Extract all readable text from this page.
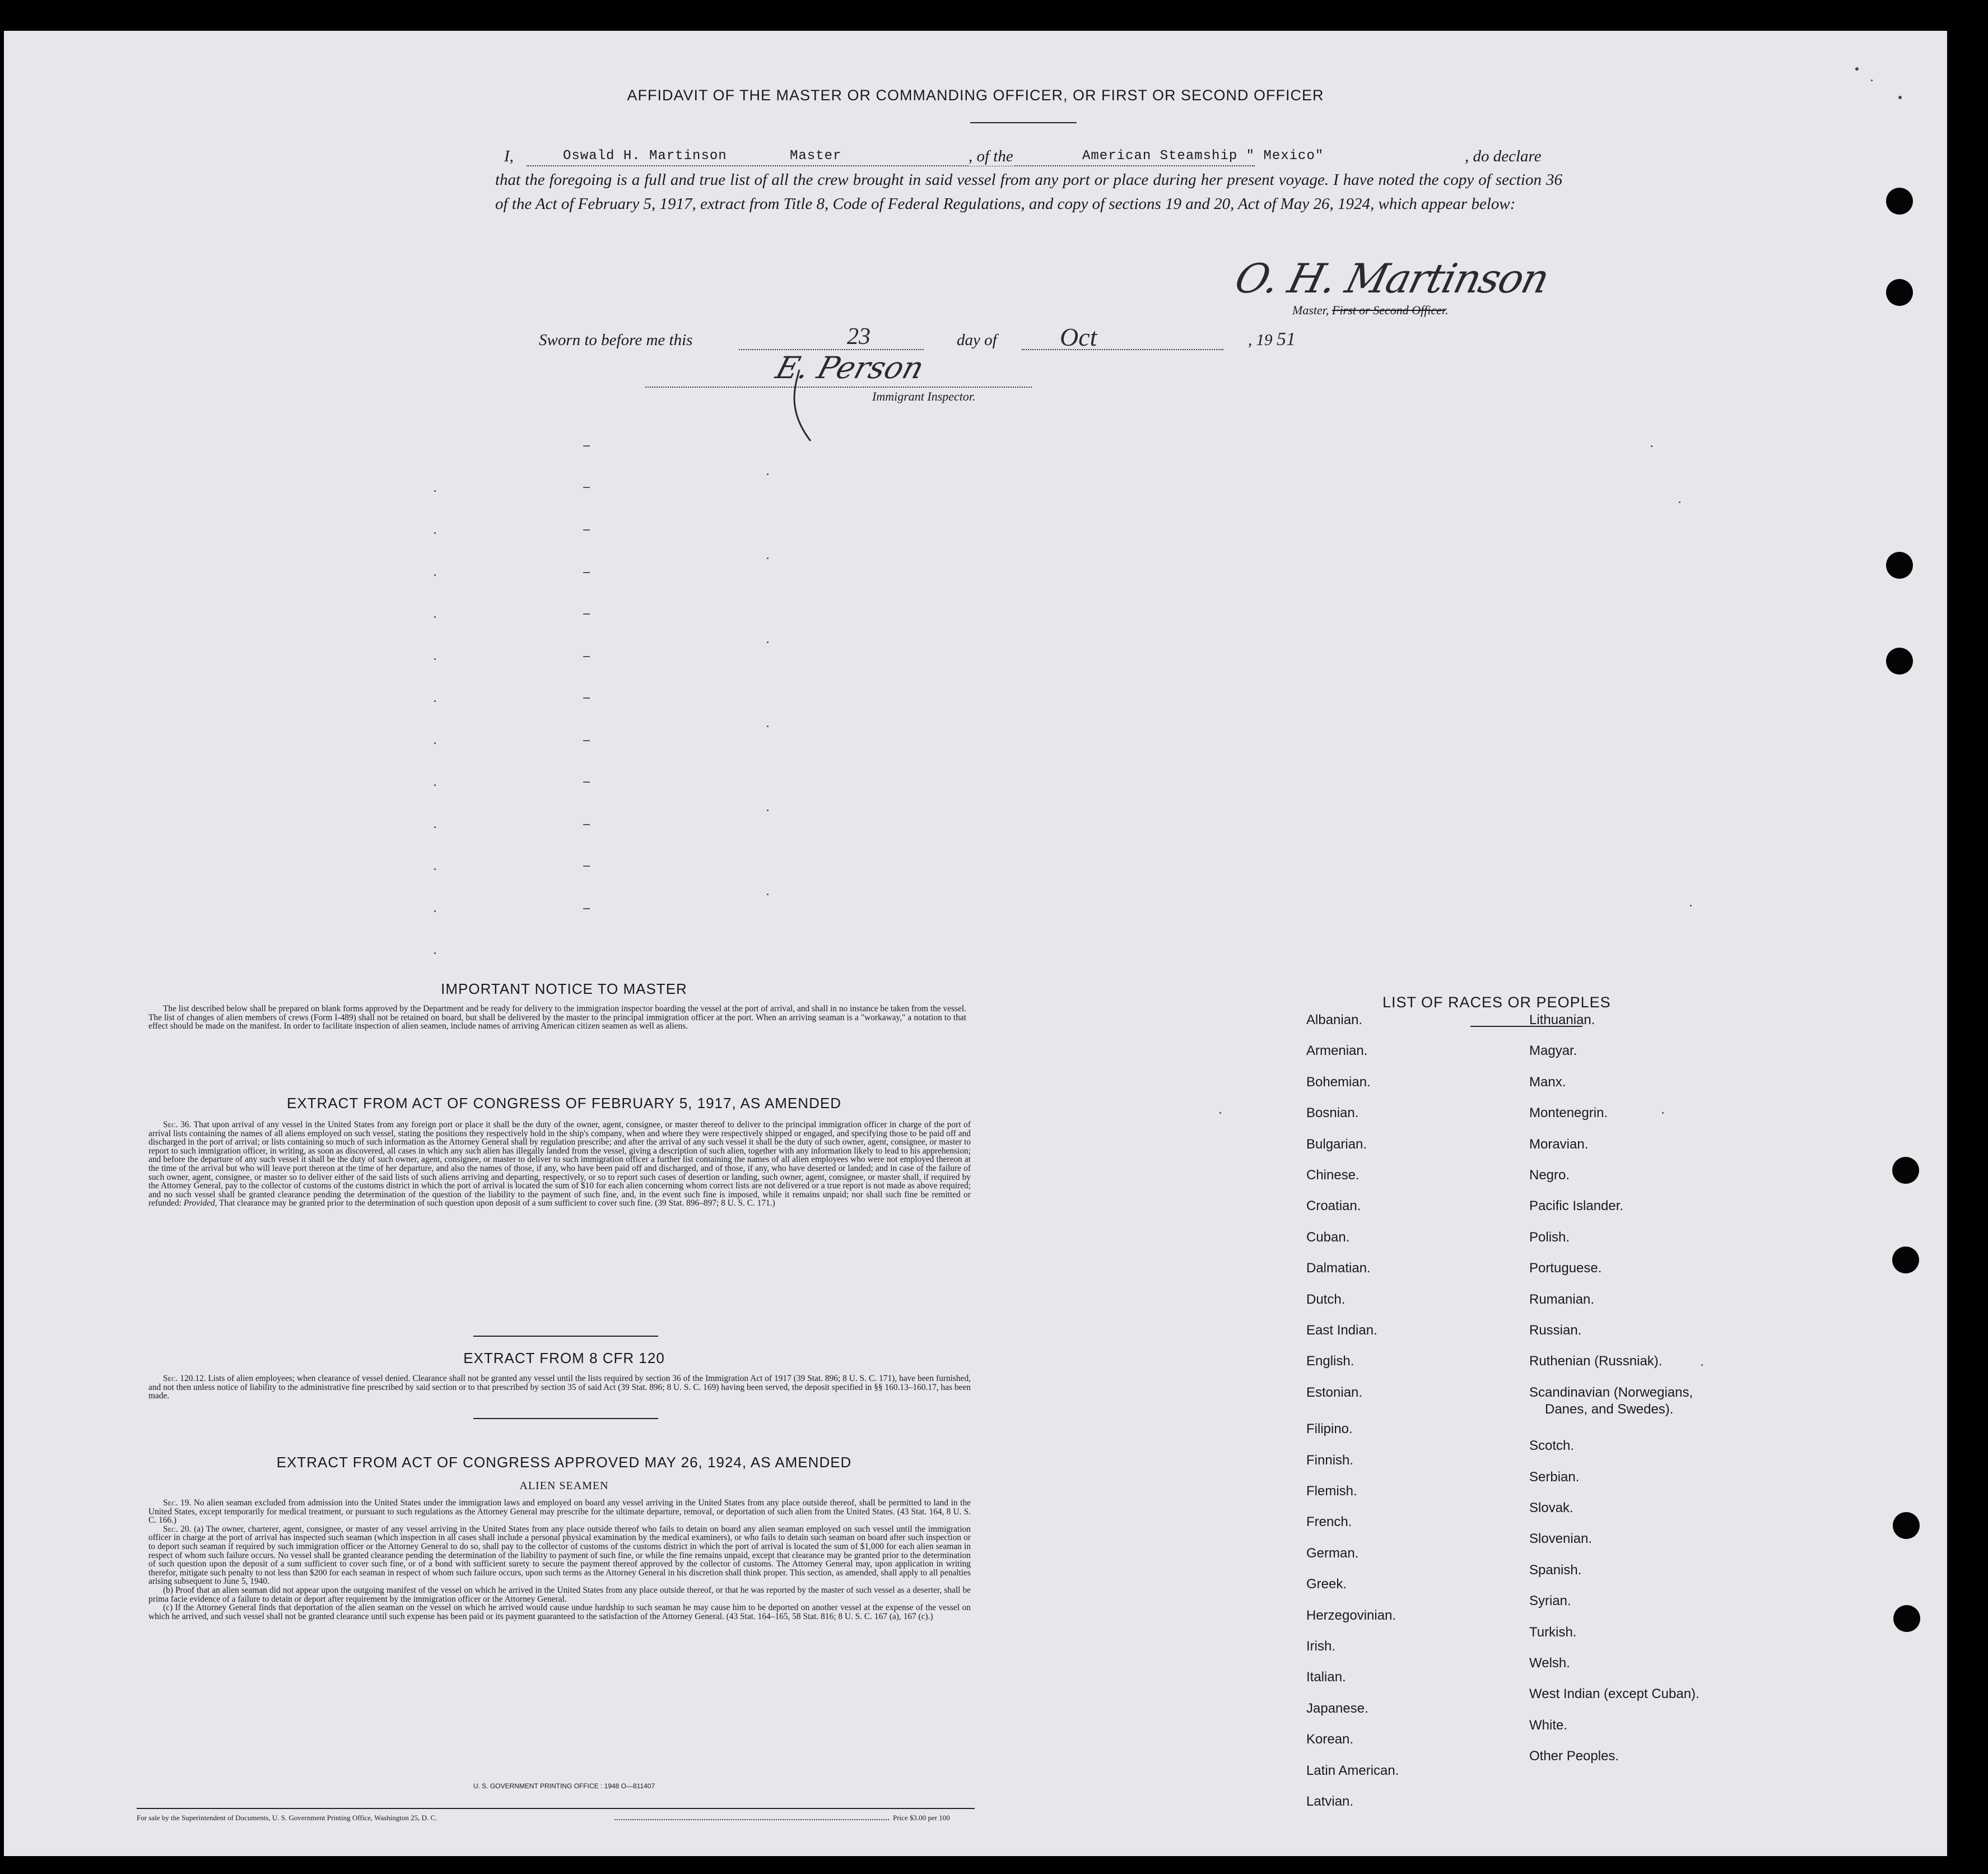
AFFIDAVIT OF THE MASTER OR COMMANDING OFFICER, OR FIRST OR SECOND OFFICER
I,	Oswald H. Martinson	Master	, of the	American Steamship " Mexico"	, do declare
that the foregoing is a full and true list of all the crew brought in said vessel from any port or place during her present voyage. I have noted the copy of section 36 of the Act of February 5, 1917, extract from Title 8, Code of Federal Regulations, and copy of sections 19 and 20, Act of May 26, 1924, which appear below:
O. H. Martinson
Master, First or Second Officer.
Sworn to before me this	23	day of Oct	, 19 51
E. Person
Immigrant Inspector.
IMPORTANT NOTICE TO MASTER

The list described below shall be prepared on blank forms approved by the Department and be ready for delivery to the immigration inspector boarding the vessel at the port of arrival, and shall in no instance be taken from the vessel. The list of changes of alien members of crews (Form I-489) shall not be retained on board, but shall be delivered by the master to the principal immigration officer at the port. When an arriving seaman is a "workaway," a notation to that effect should be made on the manifest. In order to facilitate inspection of alien seamen, include names of arriving American citizen seamen as well as aliens.

EXTRACT FROM ACT OF CONGRESS OF FEBRUARY 5, 1917, AS AMENDED

Sec. 36. That upon arrival of any vessel in the United States from any foreign port or place it shall be the duty of the owner, agent, consignee, or master thereof to deliver to the principal immigration officer in charge of the port of arrival lists containing the names of all aliens employed on such vessel, stating the positions they respectively hold in the ship's company, when and where they were respectively shipped or engaged, and specifying those to be paid off and discharged in the port of arrival; or lists containing so much of such information as the Attorney General shall by regulation prescribe; and after the arrival of any such vessel it shall be the duty of such owner, agent, consignee, or master to report to such immigration officer, in writing, as soon as discovered, all cases in which any such alien has illegally landed from the vessel, giving a description of such alien, together with any information likely to lead to his apprehension; and before the departure of any such vessel it shall be the duty of such owner, agent, consignee, or master to deliver to such immigration officer a further list containing the names of all alien employees who were not employed thereon at the time of the arrival but who will leave port thereon at the time of her departure, and also the names of those, if any, who have been paid off and discharged, and of those, if any, who have deserted or landed; and in case of the failure of such owner, agent, consignee, or master so to deliver either of the said lists of such aliens arriving and departing, respectively, or so to report such cases of desertion or landing, such owner, agent, consignee, or master shall, if required by the Attorney General, pay to the collector of customs of the customs district in which the port of arrival is located the sum of $10 for each alien concerning whom correct lists are not delivered or a true report is not made as above required; and no such vessel shall be granted clearance pending the determination of the question of the liability to the payment of such fine, and, in the event such fine is imposed, while it remains unpaid; nor shall such fine be remitted or refunded: Provided, That clearance may be granted prior to the determination of such question upon deposit of a sum sufficient to cover such fine. (39 Stat. 896–897; 8 U. S. C. 171.)

EXTRACT FROM 8 CFR 120

Sec. 120.12. Lists of alien employees; when clearance of vessel denied. Clearance shall not be granted any vessel until the lists required by section 36 of the Immigration Act of 1917 (39 Stat. 896; 8 U. S. C. 171), have been furnished, and not then unless notice of liability to the administrative fine prescribed by said section or to that prescribed by section 35 of said Act (39 Stat. 896; 8 U. S. C. 169) having been served, the deposit specified in §§ 160.13–160.17, has been made.

EXTRACT FROM ACT OF CONGRESS APPROVED MAY 26, 1924, AS AMENDED
ALIEN SEAMEN

Sec. 19. No alien seaman excluded from admission into the United States under the immigration laws and employed on board any vessel arriving in the United States from any place outside thereof, shall be permitted to land in the United States, except temporarily for medical treatment, or pursuant to such regulations as the Attorney General may prescribe for the ultimate departure, removal, or deportation of such alien from the United States. (43 Stat. 164, 8 U. S. C. 166.)

Sec. 20. (a) The owner, charterer, agent, consignee, or master of any vessel arriving in the United States from any place outside thereof who fails to detain on board any alien seaman employed on such vessel until the immigration officer in charge at the port of arrival has inspected such seaman (which inspection in all cases shall include a personal physical examination by the medical examiners), or who fails to detain such seaman on board after such inspection or to deport such seaman if required by such immigration officer or the Attorney General to do so, shall pay to the collector of customs of the customs district in which the port of arrival is located the sum of $1,000 for each alien seaman in respect of whom such failure occurs. No vessel shall be granted clearance pending the determination of the liability to payment of such fine, or while the fine remains unpaid, except that clearance may be granted prior to the determination of such question upon the deposit of a sum sufficient to cover such fine, or of a bond with sufficient surety to secure the payment thereof approved by the collector of customs. The Attorney General may, upon application in writing therefor, mitigate such penalty to not less than $200 for each seaman in respect of whom such failure occurs, upon such terms as the Attorney General in his discretion shall think proper. This section, as amended, shall apply to all penalties arising subsequent to June 5, 1940.

(b) Proof that an alien seaman did not appear upon the outgoing manifest of the vessel on which he arrived in the United States from any place outside thereof, or that he was reported by the master of such vessel as a deserter, shall be prima facie evidence of a failure to detain or deport after requirement by the immigration officer or the Attorney General.

(c) If the Attorney General finds that deportation of the alien seaman on the vessel on which he arrived would cause undue hardship to such seaman he may cause him to be deported on another vessel at the expense of the vessel on which he arrived, and such vessel shall not be granted clearance until such expense has been paid or its payment guaranteed to the satisfaction of the Attorney General. (43 Stat. 164–165, 58 Stat. 816; 8 U. S. C. 167 (a), 167 (c).)

U. S. GOVERNMENT PRINTING OFFICE : 1948 O—811407
For sale by the Superintendent of Documents, U. S. Government Printing Office, Washington 25, D. C.	Price $3.00 per 100
LIST OF RACES OR PEOPLES
Albanian.
Armenian.
Bohemian.
Bosnian.
Bulgarian.
Chinese.
Croatian.
Cuban.
Dalmatian.
Dutch.
East Indian.
English.
Estonian.
Filipino.
Finnish.
Flemish.
French.
German.
Greek.
Herzegovinian.
Irish.
Italian.
Japanese.
Korean.
Latin American.
Latvian.
Lithuanian.
Magyar.
Manx.
Montenegrin.
Moravian.
Negro.
Pacific Islander.
Polish.
Portuguese.
Rumanian.
Russian.
Ruthenian (Russniak).
Scandinavian (Norwegians,
Danes, and Swedes).
Scotch.
Serbian.
Slovak.
Slovenian.
Spanish.
Syrian.
Turkish.
Welsh.
West Indian (except Cuban).
White.
Other Peoples.
